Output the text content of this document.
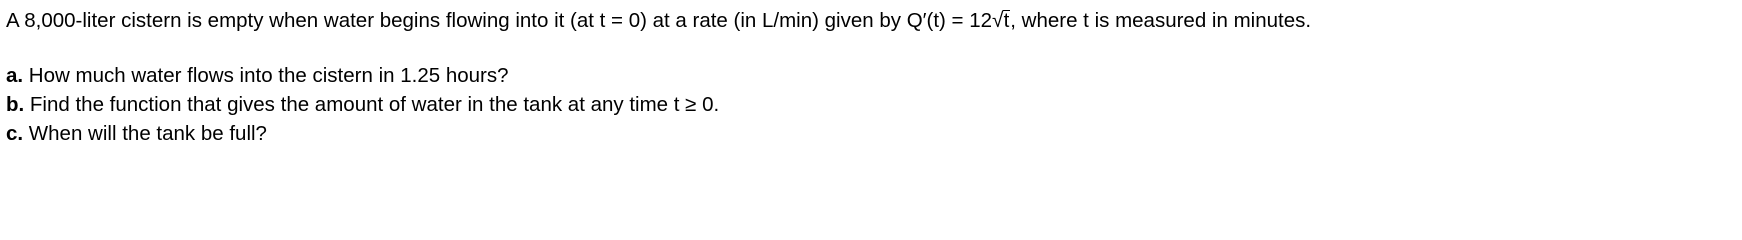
A 8,000-liter cistern is empty when water begins flowing into it (at t = 0) at a rate (in L/min) given by Q′(t) = 12√t, where t is measured in minutes.
a. How much water flows into the cistern in 1.25 hours?
b. Find the function that gives the amount of water in the tank at any time t ≥ 0.
c. When will the tank be full?
